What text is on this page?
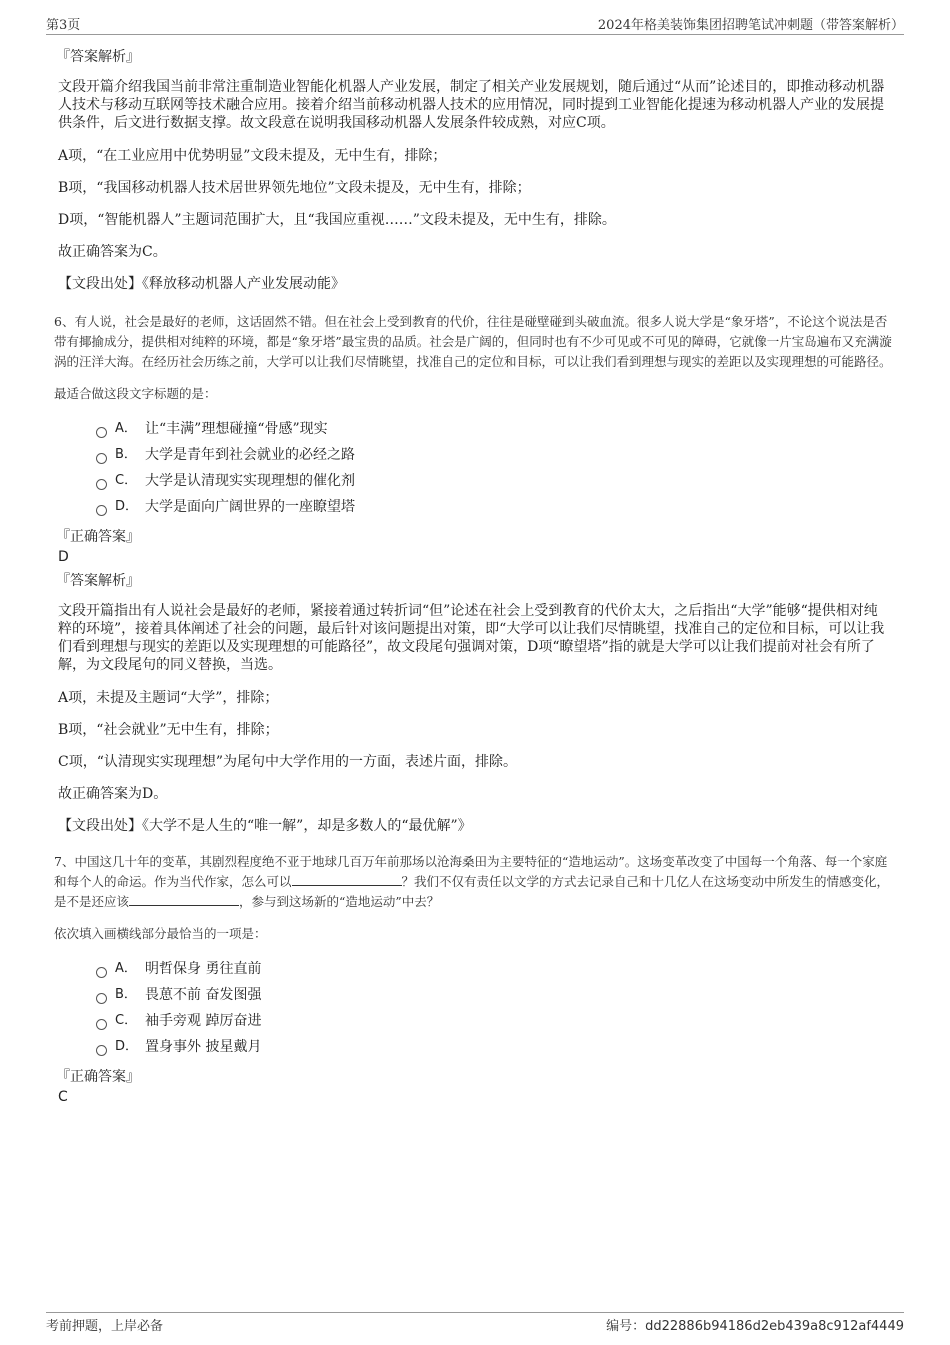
第3页	2024年格美装饰集团招聘笔试冲刺题（带答案解析）

『答案解析』

文段开篇介绍我国当前非常注重制造业智能化机器人产业发展，制定了相关产业发展规划，随后通过“从而”论述目的，即推动移动机器人技术与移动互联网等技术融合应用。接着介绍当前移动机器人技术的应用情况，同时提到工业智能化提速为移动机器人产业的发展提供条件，后文进行数据支撑。故文段意在说明我国移动机器人发展条件较成熟，对应C项。

A项，“在工业应用中优势明显”文段未提及，无中生有，排除；

B项，“我国移动机器人技术居世界领先地位”文段未提及，无中生有，排除；

D项，“智能机器人”主题词范围扩大，且“我国应重视……”文段未提及，无中生有，排除。

故正确答案为C。

【文段出处】《释放移动机器人产业发展动能》

6、有人说，社会是最好的老师，这话固然不错。但在社会上受到教育的代价，往往是碰壁碰到头破血流。很多人说大学是“象牙塔”，不论这个说法是否带有揶揄成分，提供相对纯粹的环境，都是“象牙塔”最宝贵的品质。社会是广阔的，但同时也有不少可见或不可见的障碍，它就像一片宝岛遍布又充满漩涡的汪洋大海。在经历社会历练之前，大学可以让我们尽情眺望，找准自己的定位和目标，可以让我们看到理想与现实的差距以及实现理想的可能路径。

最适合做这段文字标题的是：

A． 让“丰满”理想碰撞“骨感”现实
B． 大学是青年到社会就业的必经之路
C． 大学是认清现实实现理想的催化剂
D． 大学是面向广阔世界的一座瞭望塔

『正确答案』

D

『答案解析』

文段开篇指出有人说社会是最好的老师，紧接着通过转折词“但”论述在社会上受到教育的代价太大，之后指出“大学”能够“提供相对纯粹的环境”，接着具体阐述了社会的问题，最后针对该问题提出对策，即“大学可以让我们尽情眺望，找准自己的定位和目标，可以让我们看到理想与现实的差距以及实现理想的可能路径”，故文段尾句强调对策，D项“瞭望塔”指的就是大学可以让我们提前对社会有所了解，为文段尾句的同义替换，当选。

A项，未提及主题词“大学”，排除；

B项，“社会就业”无中生有，排除；

C项，“认清现实实现理想”为尾句中大学作用的一方面，表述片面，排除。

故正确答案为D。

【文段出处】《大学不是人生的“唯一解”，却是多数人的“最优解”》

7、中国这几十年的变革，其剧烈程度绝不亚于地球几百万年前那场以沧海桑田为主要特征的“造地运动”。这场变革改变了中国每一个角落、每一个家庭和每个人的命运。作为当代作家，怎么可以	？我们不仅有责任以文学的方式去记录自己和十几亿人在这场变动中所发生的情感变化，是不是还应该	，参与到这场新的“造地运动”中去？

依次填入画横线部分最恰当的一项是：

A． 明哲保身 勇往直前
B． 畏葸不前 奋发图强
C． 袖手旁观 踔厉奋进
D． 置身事外 披星戴月

『正确答案』

C

考前押题，上岸必备	编号：dd22886b94186d2eb439a8c912af4449
